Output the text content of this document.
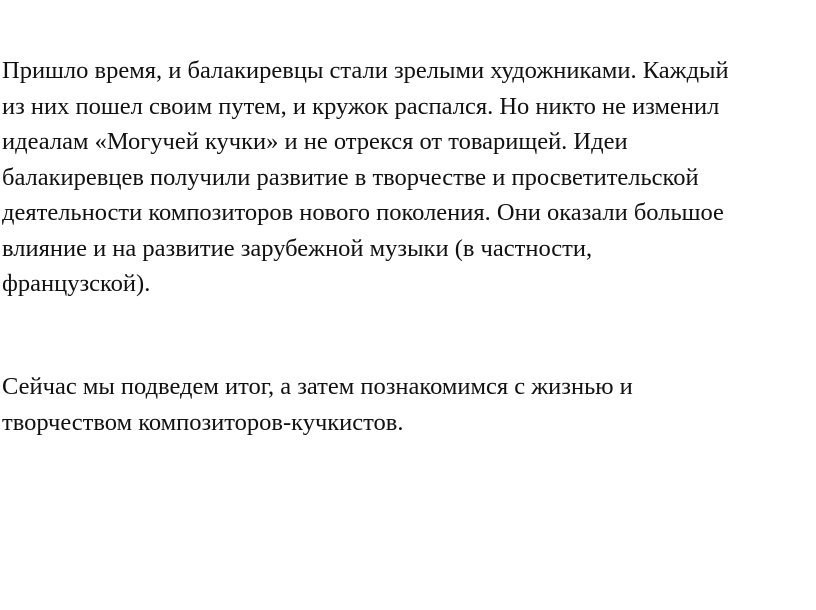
Пришло время, и балакиревцы стали зрелыми художниками. Каждый
из них пошел своим путем, и кружок распался. Но никто не изменил
идеалам «Могучей кучки» и не отрекся от товарищей. Идеи
балакиревцев получили развитие в творчестве и просветительской
деятельности композиторов нового поколения. Они оказали большое
влияние и на развитие зарубежной музыки (в частности,
французской).
Сейчас мы подведем итог, а затем познакомимся с жизнью и
творчеством композиторов-кучкистов.
